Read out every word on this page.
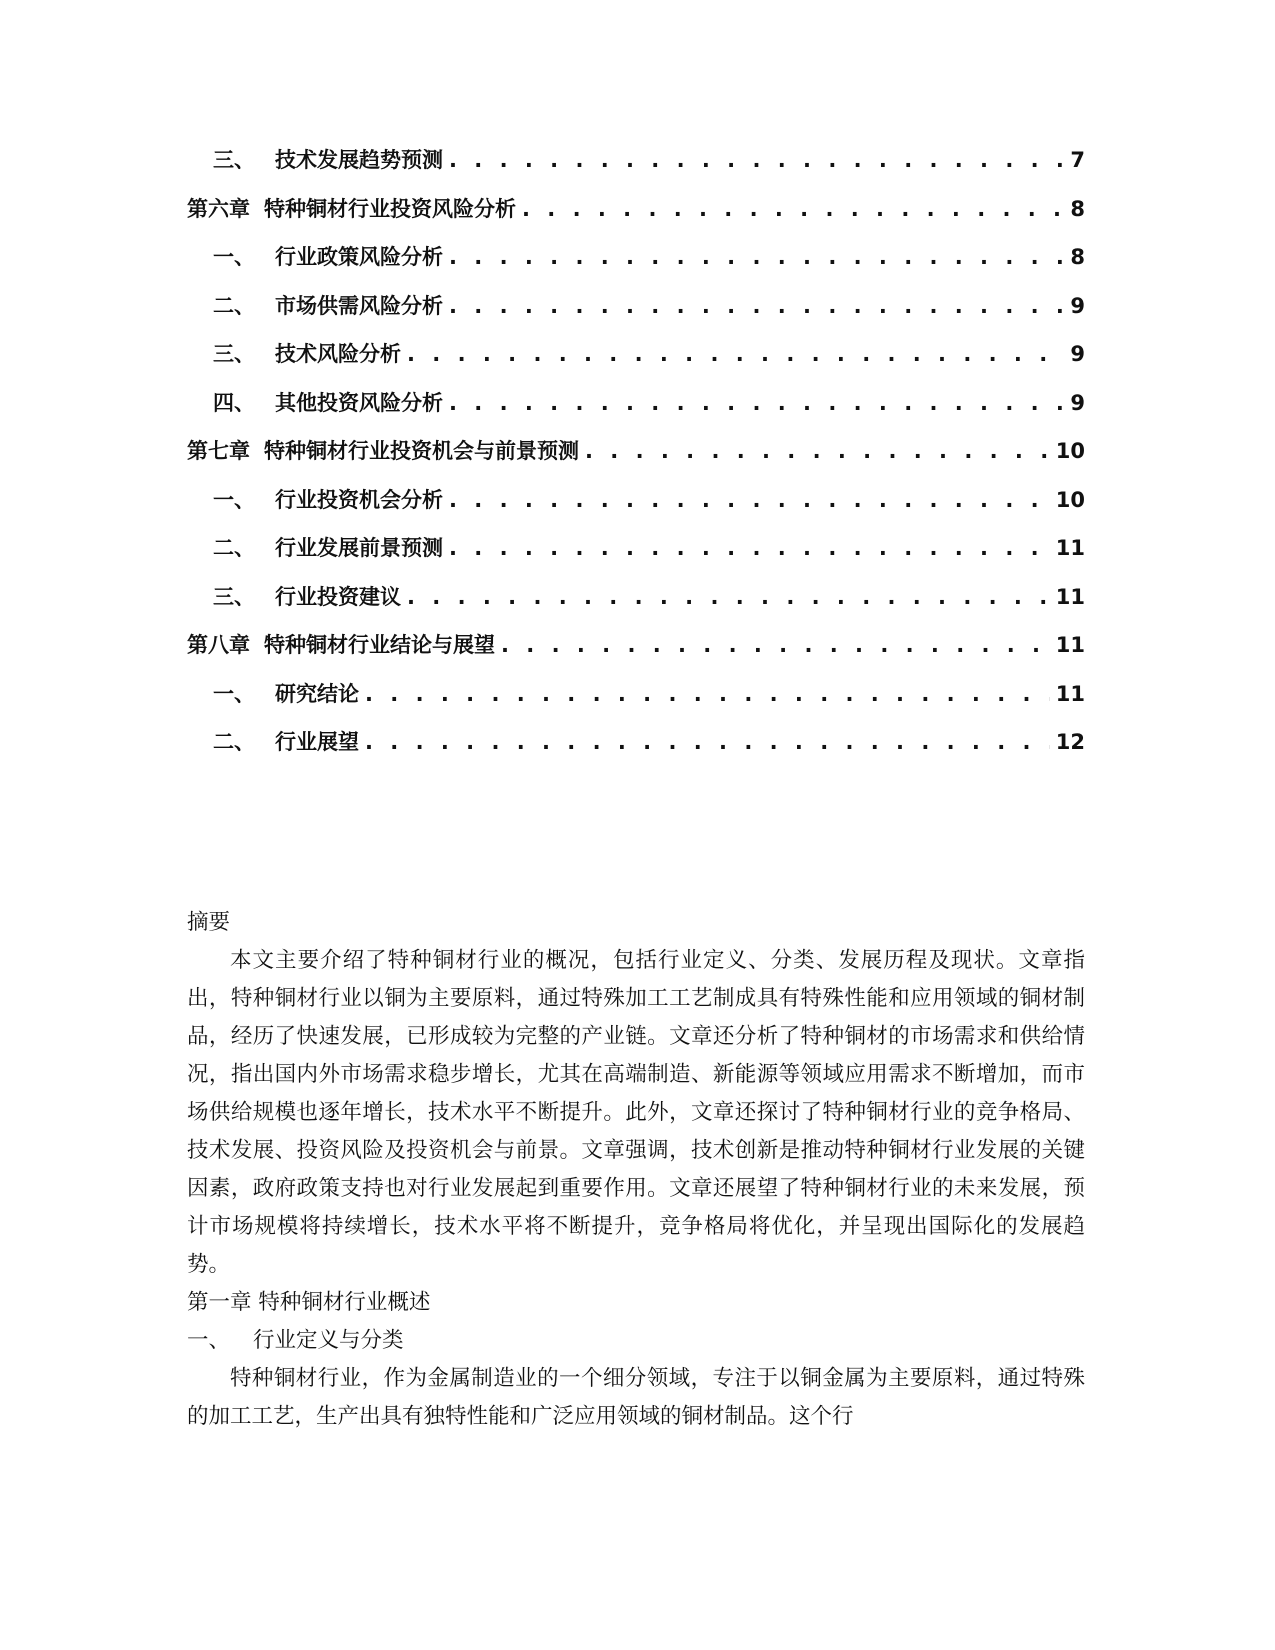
三、 技术发展趋势预测 . . .	7
第六章 特种铜材行业投资风险分析 . . .	8
一、 行业政策风险分析 . . .	8
二、 市场供需风险分析 . . .	9
三、 技术风险分析 . . .	9
四、 其他投资风险分析 . . .	9
第七章 特种铜材行业投资机会与前景预测 . . .	10
一、 行业投资机会分析 . . .	10
二、 行业发展前景预测 . . .	11
三、 行业投资建议 . . .	11
第八章 特种铜材行业结论与展望 . . .	11
一、 研究结论 . . .	11
二、 行业展望 . . .	12

摘要

本文主要介绍了特种铜材行业的概况，包括行业定义、分类、发展历程及现状。文章指出，特种铜材行业以铜为主要原料，通过特殊加工工艺制成具有特殊性能和应用领域的铜材制品，经历了快速发展，已形成较为完整的产业链。文章还分析了特种铜材的市场需求和供给情况，指出国内外市场需求稳步增长，尤其在高端制造、新能源等领域应用需求不断增加，而市场供给规模也逐年增长，技术水平不断提升。此外，文章还探讨了特种铜材行业的竞争格局、技术发展、投资风险及投资机会与前景。文章强调，技术创新是推动特种铜材行业发展的关键因素，政府政策支持也对行业发展起到重要作用。文章还展望了特种铜材行业的未来发展，预计市场规模将持续增长，技术水平将不断提升，竞争格局将优化，并呈现出国际化的发展趋势。

第一章 特种铜材行业概述

一、 行业定义与分类

特种铜材行业，作为金属制造业的一个细分领域，专注于以铜金属为主要原料，通过特殊的加工工艺，生产出具有独特性能和广泛应用领域的铜材制品。这个行
